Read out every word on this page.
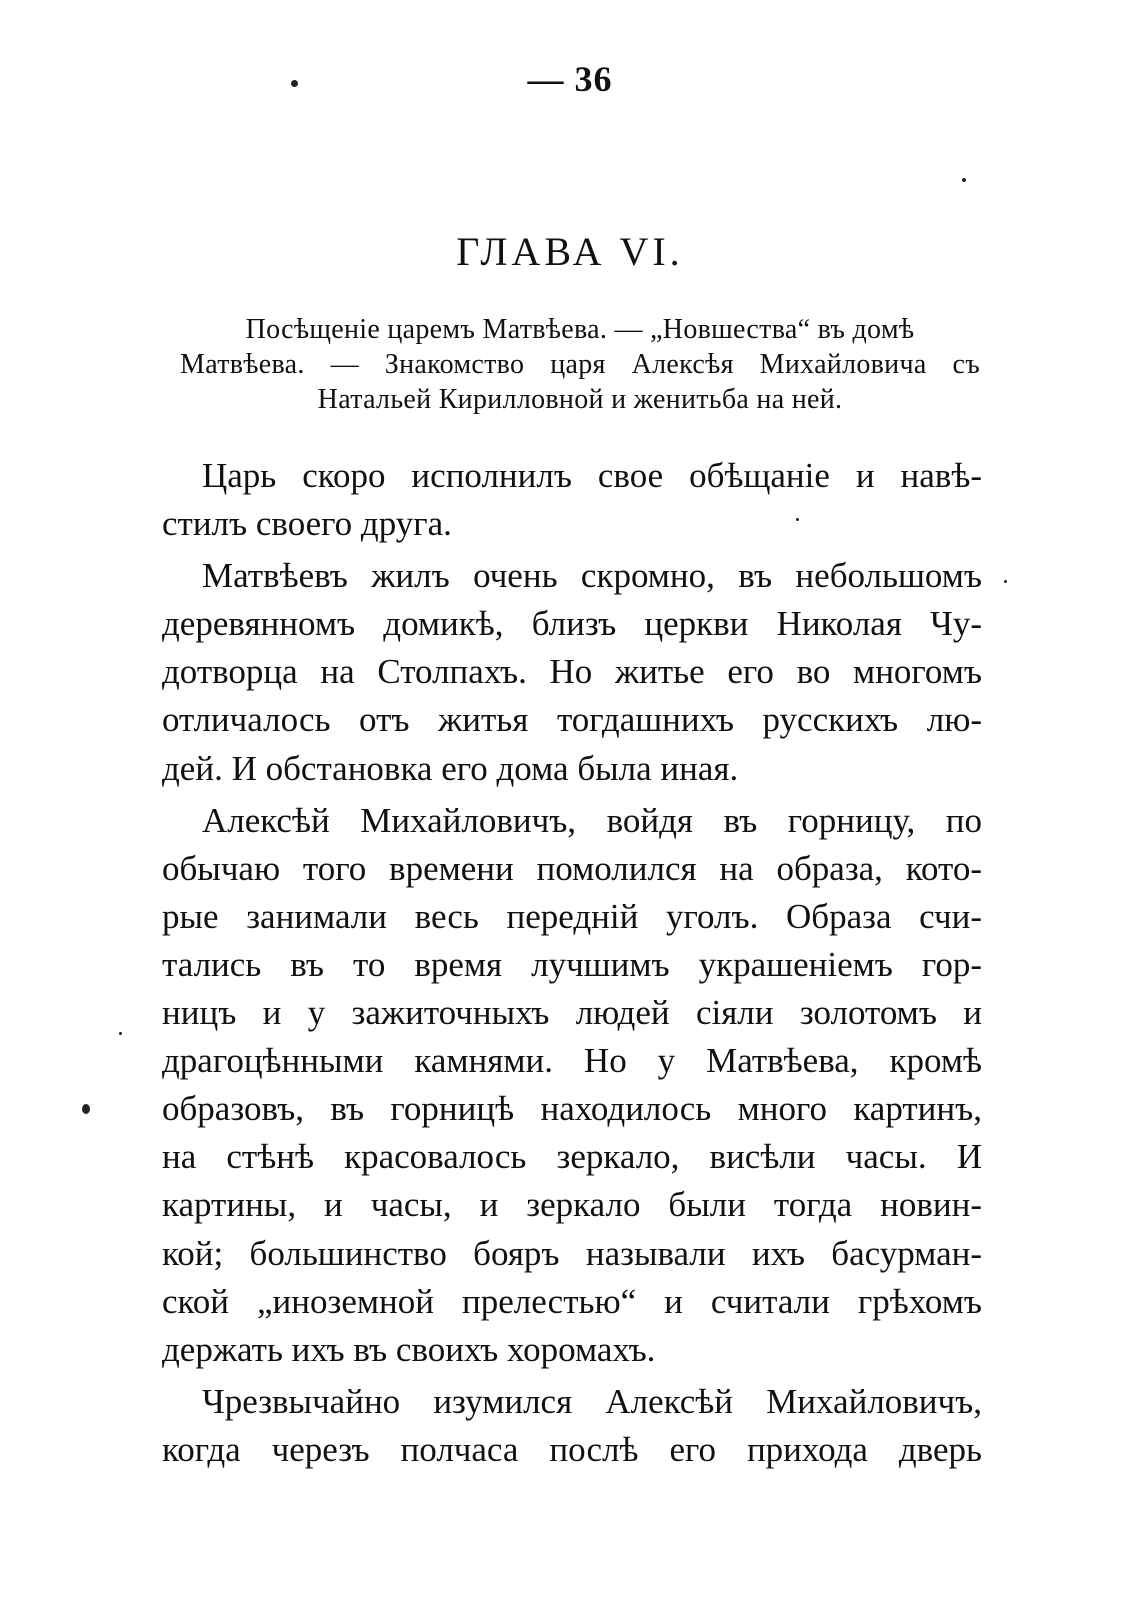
— 36
ГЛАВА VI.
Посѣщеніе царемъ Матвѣева. — „Новшества“ въ домѣ
Матвѣева. — Знакомство царя Алексѣя Михайловича съ
Натальей Кирилловной и женитьба на ней.
Царь скоро исполнилъ свое обѣщаніе и навѣ-
стилъ своего друга.
Матвѣевъ жилъ очень скромно, въ небольшомъ
деревянномъ домикѣ, близъ церкви Николая Чу-
дотворца на Столпахъ. Но житье его во многомъ
отличалось отъ житья тогдашнихъ русскихъ лю-
дей. И обстановка его дома была иная.
Алексѣй Михайловичъ, войдя въ горницу, по
обычаю того времени помолился на образа, кото-
рые занимали весь передній уголъ. Образа счи-
тались въ то время лучшимъ украшеніемъ гор-
ницъ и у зажиточныхъ людей сіяли золотомъ и
драгоцѣнными камнями. Но у Матвѣева, кромѣ
образовъ, въ горницѣ находилось много картинъ,
на стѣнѣ красовалось зеркало, висѣли часы. И
картины, и часы, и зеркало были тогда новин-
кой; большинство бояръ называли ихъ басурман-
ской „иноземной прелестью“ и считали грѣхомъ
держать ихъ въ своихъ хоромахъ.
Чрезвычайно изумился Алексѣй Михайловичъ,
когда черезъ полчаса послѣ его прихода дверь
